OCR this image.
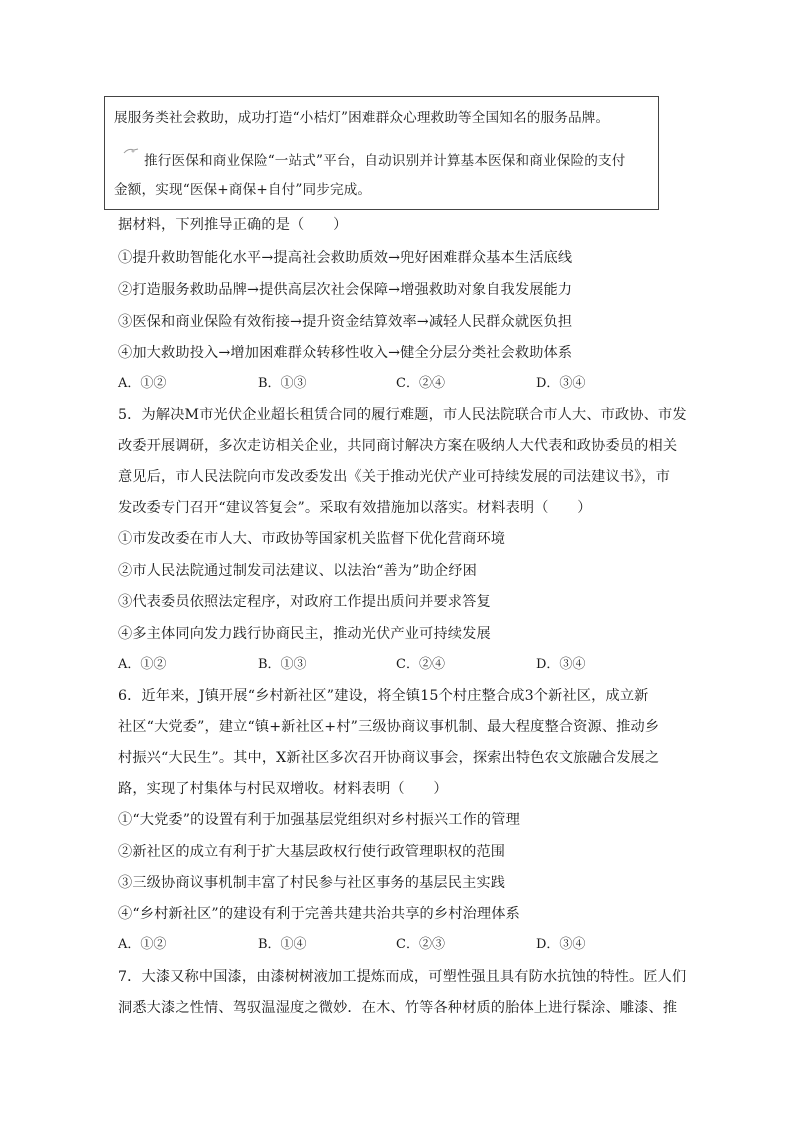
展服务类社会救助，成功打造“小桔灯”困难群众心理救助等全国知名的服务品牌。
推行医保和商业保险“一站式”平台，自动识别并计算基本医保和商业保险的支付
金额，实现“医保+商保+自付”同步完成。
据材料，下列推导正确的是（　　）
①提升救助智能化水平→提高社会救助质效→兜好困难群众基本生活底线
②打造服务救助品牌→提供高层次社会保障→增强救助对象自我发展能力
③医保和商业保险有效衔接→提升资金结算效率→减轻人民群众就医负担
④加大救助投入→增加困难群众转移性收入→健全分层分类社会救助体系
A．①②	B．①③	C．②④	D．③④
5．为解决M市光伏企业超长租赁合同的履行难题，市人民法院联合市人大、市政协、市发
改委开展调研，多次走访相关企业，共同商讨解决方案在吸纳人大代表和政协委员的相关
意见后，市人民法院向市发改委发出《关于推动光伏产业可持续发展的司法建议书》，市
发改委专门召开“建议答复会”。采取有效措施加以落实。材料表明（　　）
①市发改委在市人大、市政协等国家机关监督下优化营商环境
②市人民法院通过制发司法建议、以法治“善为”助企纾困
③代表委员依照法定程序，对政府工作提出质问并要求答复
④多主体同向发力践行协商民主，推动光伏产业可持续发展
A．①②	B．①③	C．②④	D．③④
6．近年来，J镇开展“乡村新社区”建设，将全镇15个村庄整合成3个新社区，成立新
社区“大党委”，建立“镇+新社区+村”三级协商议事机制、最大程度整合资源、推动乡
村振兴“大民生”。其中，X新社区多次召开协商议事会，探索出特色农文旅融合发展之
路，实现了村集体与村民双增收。材料表明（　　）
①“大党委”的设置有利于加强基层党组织对乡村振兴工作的管理
②新社区的成立有利于扩大基层政权行使行政管理职权的范围
③三级协商议事机制丰富了村民参与社区事务的基层民主实践
④“乡村新社区”的建设有利于完善共建共治共享的乡村治理体系
A．①②	B．①④	C．②③	D．③④
7．大漆又称中国漆，由漆树树液加工提炼而成，可塑性强且具有防水抗蚀的特性。匠人们
洞悉大漆之性情、驾驭温湿度之微妙．在木、竹等各种材质的胎体上进行髹涂、雕漆、推
